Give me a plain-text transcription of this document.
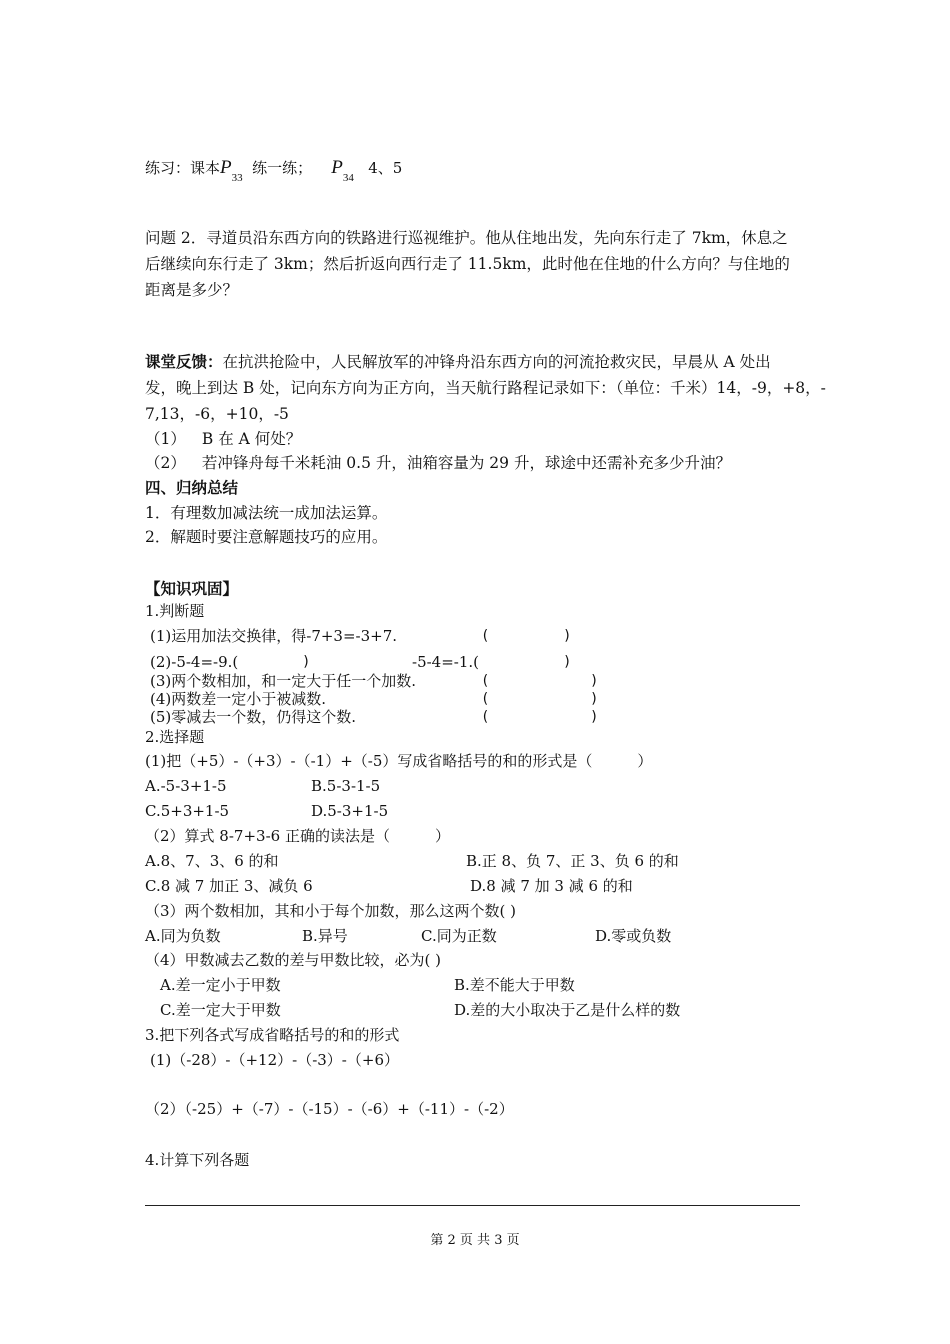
练习：课本$P_{33}$  练一练； $P_{34}$   4、5
问题 2．寻道员沿东西方向的铁路进行巡视维护。他从住地出发，先向东行走了 7km，休息之
后继续向东行走了 3km；然后折返向西行走了 11.5km，此时他在住地的什么方向？与住地的
距离是多少？
课堂反馈：在抗洪抢险中，人民解放军的冲锋舟沿东西方向的河流抢救灾民，早晨从 A 处出
发，晚上到达 B 处，记向东方向为正方向，当天航行路程记录如下：（单位：千米）14，-9，+8，-
7,13，-6，+10，-5
（1） B 在 A 何处？
（2） 若冲锋舟每千米耗油 0.5 升，油箱容量为 29 升，球途中还需补充多少升油？
四、归纳总结
1．有理数加减法统一成加法运算。
2．解题时要注意解题技巧的应用。
【知识巩固】
1.判断题
(1)运用加法交换律，得-7+3=-3+7.	(	)
(2)-5-4=-9.(	)	-5-4=-1.(	)
(3)两个数相加，和一定大于任一个加数.	(	)
(4)两数差一定小于被减数.	(	)
(5)零减去一个数，仍得这个数.	(	)
2.选择题
(1)把（+5）-（+3）-（-1）+（-5）写成省略括号的和的形式是（　　　）
A.-5-3+1-5	B.5-3-1-5
C.5+3+1-5	D.5-3+1-5
（2）算式 8-7+3-6 正确的读法是（　　　）
A.8、7、3、6 的和	B.正 8、负 7、正 3、负 6 的和
C.8 减 7 加正 3、减负 6	D.8 减 7 加 3 减 6 的和
（3）两个数相加，其和小于每个加数，那么这两个数( )
A.同为负数	B.异号	C.同为正数	D.零或负数
（4）甲数减去乙数的差与甲数比较，必为( )
A.差一定小于甲数	B.差不能大于甲数
C.差一定大于甲数	D.差的大小取决于乙是什么样的数
3.把下列各式写成省略括号的和的形式
(1)（-28）-（+12）-（-3）-（+6）
（2）（-25）+（-7）-（-15）-（-6）+（-11）-（-2）
4.计算下列各题
第 2 页 共 3 页
